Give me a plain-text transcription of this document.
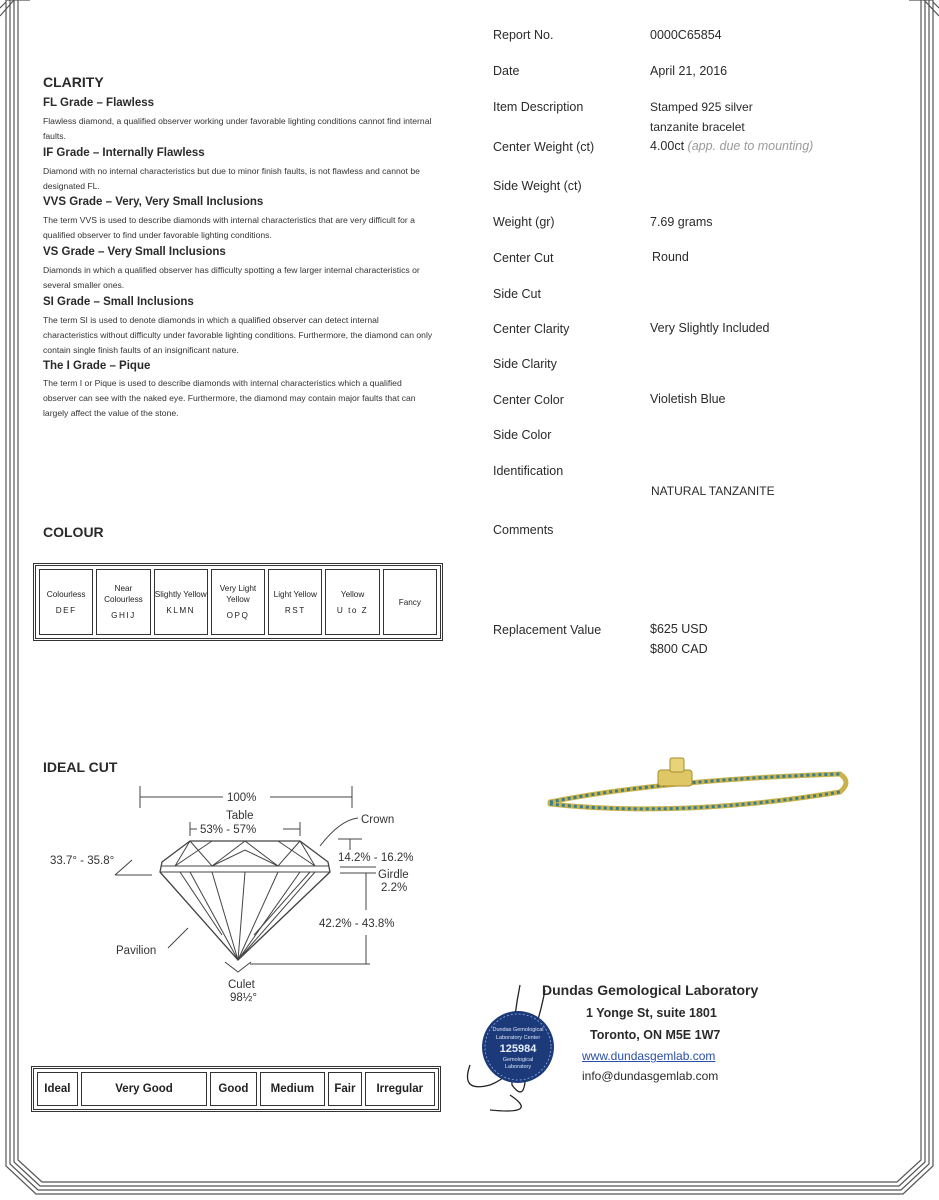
CLARITY
FL Grade – Flawless
Flawless diamond, a qualified observer working under favorable lighting conditions cannot find internal faults.
IF Grade – Internally Flawless
Diamond with no internal characteristics but due to minor finish faults, is not flawless and cannot be designated FL.
VVS Grade – Very, Very Small Inclusions
The term VVS is used to describe diamonds with internal characteristics that are very difficult for a qualified observer to find under favorable lighting conditions.
VS Grade – Very Small Inclusions
Diamonds in which a qualified observer has difficulty spotting a few larger internal characteristics or several smaller ones.
SI Grade – Small Inclusions
The term SI is used to denote diamonds in which a qualified observer can detect internal characteristics without difficulty under favorable lighting conditions. Furthermore, the diamond can only contain single finish faults of an insignificant nature.
The I Grade – Pique
The term I or Pique is used to describe diamonds with internal characteristics which a qualified observer can see with the naked eye. Furthermore, the diamond may contain major faults that can largely affect the value of the stone.
COLOUR
Colourless
DEF
	Near Colourless
GHIJ
	Slightly Yellow
KLMN
	Very Light Yellow
OPQ
	Light Yellow
RST
	Yellow
U to Z
	Fancy
IDEAL CUT
100%
Table
53% - 57%
Crown
33.7° - 35.8°	14.2% - 16.2%
Girdle
2.2%
42.2% - 43.8%
Pavilion
Culet
98½°
Ideal	Very Good	Good	Medium	Fair	Irregular
Report No.	0000C65854
Date	April 21, 2016
Item Description	Stamped 925 silver
tanzanite bracelet
Center Weight (ct)	4.00ct (app. due to mounting)
Side Weight (ct)
Weight (gr)	7.69 grams
Center Cut	Round
Side Cut
Center Clarity	Very Slightly Included
Side Clarity
Center Color	Violetish Blue
Side Color
Identification
NATURAL TANZANITE
Comments
Replacement Value	$625 USD
$800 CAD
Dundas Gemological Laboratory
1 Yonge St, suite 1801
Toronto, ON M5E 1W7
www.dundasgemlab.com
info@dundasgemlab.com
Dundas Gemological
Laboratory Center
125984
Gemological
Laboratory
